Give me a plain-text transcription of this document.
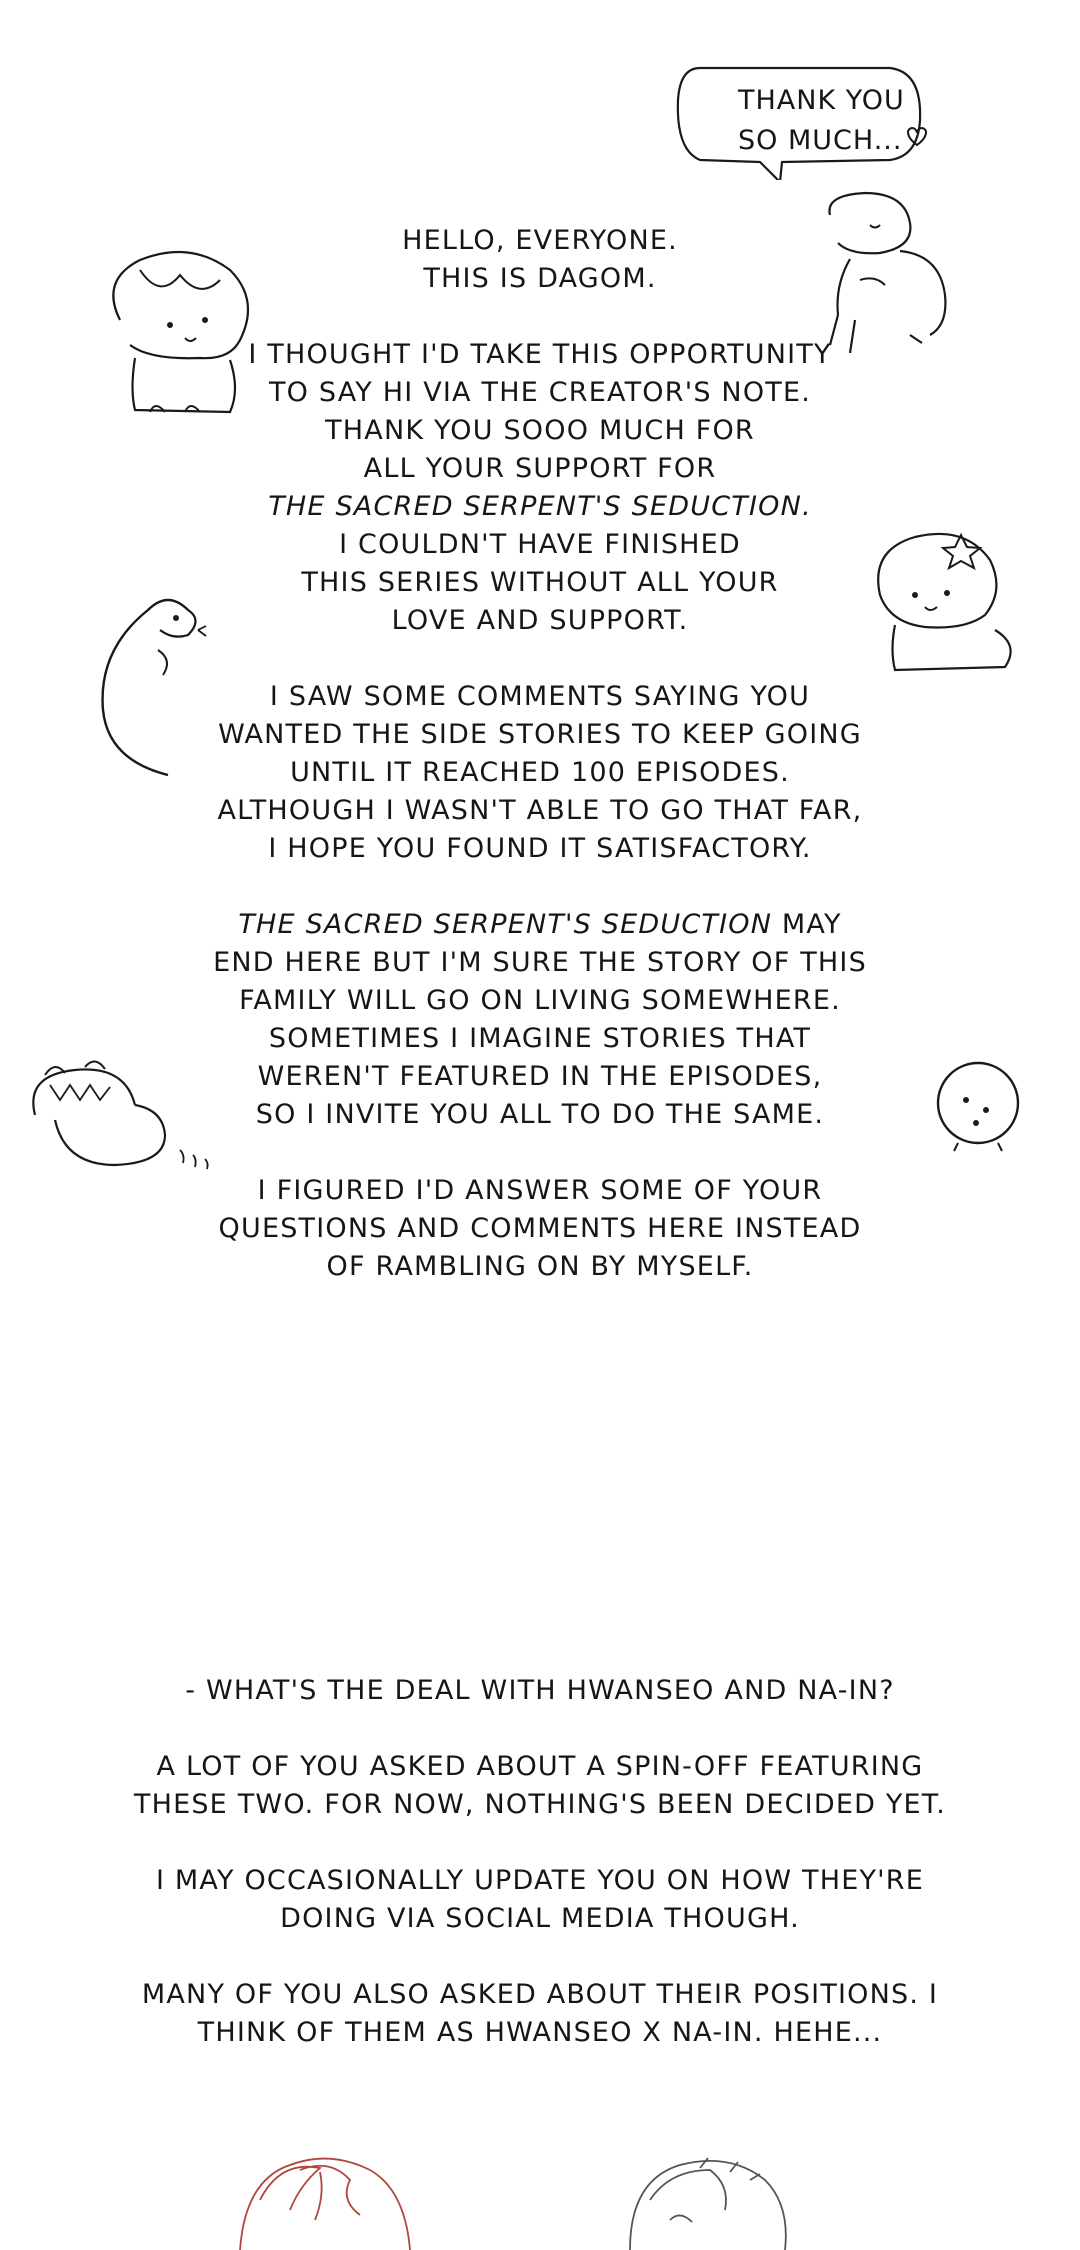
THANK YOU
SO MUCH...

HELLO, EVERYONE.

THIS IS DAGOM.

I THOUGHT I'D TAKE THIS OPPORTUNITY

TO SAY HI VIA THE CREATOR'S NOTE.

THANK YOU SOOO MUCH FOR

ALL YOUR SUPPORT FOR

THE SACRED SERPENT'S SEDUCTION.

I COULDN'T HAVE FINISHED

THIS SERIES WITHOUT ALL YOUR

LOVE AND SUPPORT.

I SAW SOME COMMENTS SAYING YOU

WANTED THE SIDE STORIES TO KEEP GOING

UNTIL IT REACHED 100 EPISODES.

ALTHOUGH I WASN'T ABLE TO GO THAT FAR,

I HOPE YOU FOUND IT SATISFACTORY.

THE SACRED SERPENT'S SEDUCTION MAY

END HERE BUT I'M SURE THE STORY OF THIS

FAMILY WILL GO ON LIVING SOMEWHERE.

SOMETIMES I IMAGINE STORIES THAT

WEREN'T FEATURED IN THE EPISODES,

SO I INVITE YOU ALL TO DO THE SAME.

I FIGURED I'D ANSWER SOME OF YOUR

QUESTIONS AND COMMENTS HERE INSTEAD

OF RAMBLING ON BY MYSELF.

- WHAT'S THE DEAL WITH HWANSEO AND NA-IN?

A LOT OF YOU ASKED ABOUT A SPIN-OFF FEATURING

THESE TWO. FOR NOW, NOTHING'S BEEN DECIDED YET.

I MAY OCCASIONALLY UPDATE YOU ON HOW THEY'RE

DOING VIA SOCIAL MEDIA THOUGH.

MANY OF YOU ALSO ASKED ABOUT THEIR POSITIONS. I

THINK OF THEM AS HWANSEO X NA-IN. HEHE...
